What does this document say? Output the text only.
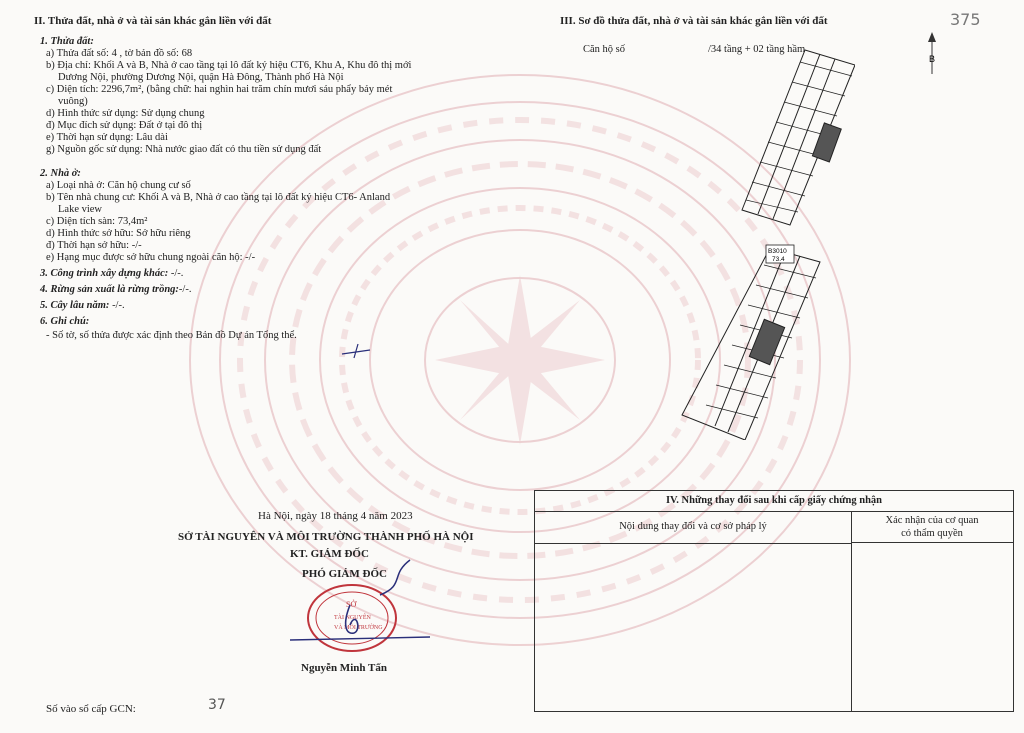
375
II. Thửa đất, nhà ở và tài sản khác gắn liền với đất
1. Thửa đất:
a) Thửa đất số: 4 , tờ bản đồ số: 68
b) Địa chỉ: Khối A và B, Nhà ở cao tầng tại lô đất ký hiệu CT6, Khu A, Khu đô thị mới
Dương Nội, phường Dương Nội, quận Hà Đông, Thành phố Hà Nội
c) Diện tích: 2296,7m², (bằng chữ: hai nghìn hai trăm chín mươi sáu phẩy bảy mét
vuông)
d) Hình thức sử dụng: Sử dụng chung
đ) Mục đích sử dụng: Đất ở tại đô thị
e) Thời hạn sử dụng: Lâu dài
g) Nguồn gốc sử dụng: Nhà nước giao đất có thu tiền sử dụng đất
2. Nhà ở:
a) Loại nhà ở: Căn hộ chung cư số
b) Tên nhà chung cư: Khối A và B, Nhà ở cao tầng tại lô đất ký hiệu CT6- Anland
Lake view
c) Diện tích sàn: 73,4m²
d) Hình thức sở hữu: Sở hữu riêng
đ) Thời hạn sở hữu: -/-
e) Hạng mục được sở hữu chung ngoài căn hộ: -/-
3. Công trình xây dựng khác: -/-.
4. Rừng sản xuất là rừng trồng:-/-.
5. Cây lâu năm: -/-.
6. Ghi chú:
- Số tờ, số thửa được xác định theo Bản đồ Dự án Tổng thể.
III. Sơ đồ thửa đất, nhà ở và tài sản khác gắn liền với đất
Căn hộ số	/34 tầng + 02 tầng hầm
B
B3010
73.4
Hà Nội, ngày 18 tháng 4 năm 2023
SỞ TÀI NGUYÊN VÀ MÔI TRƯỜNG THÀNH PHỐ HÀ NỘI
KT. GIÁM ĐỐC
PHÓ GIÁM ĐỐC
SỞ
TÀI NGUYÊN
VÀ MÔI TRƯỜNG
Nguyễn Minh Tấn
IV. Những thay đổi sau khi cấp giấy chứng nhận
Nội dung thay đổi và cơ sở pháp lý
Xác nhận của cơ quan
có thẩm quyền
Số vào sổ cấp GCN:	37
